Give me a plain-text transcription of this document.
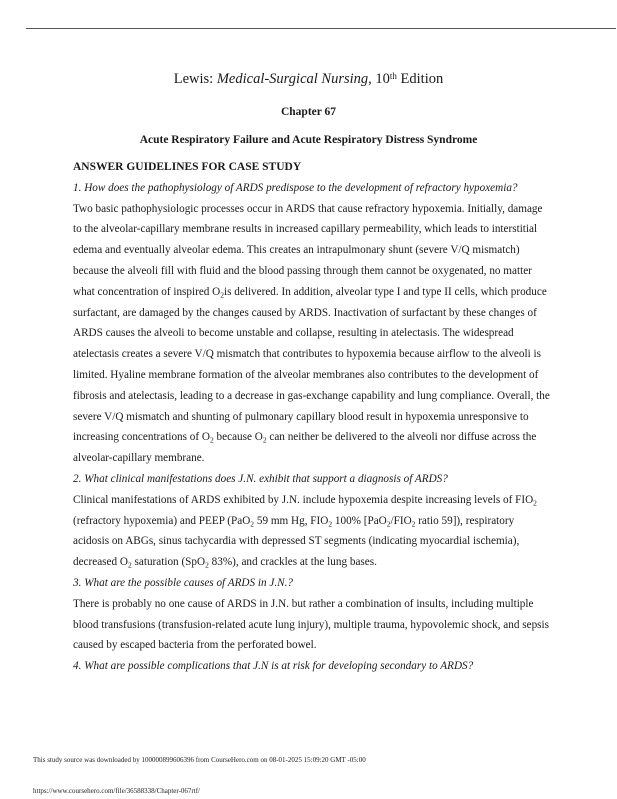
Lewis: Medical-Surgical Nursing, 10th Edition
Chapter 67
Acute Respiratory Failure and Acute Respiratory Distress Syndrome

ANSWER GUIDELINES FOR CASE STUDY

1. How does the pathophysiology of ARDS predispose to the development of refractory hypoxemia?

Two basic pathophysiologic processes occur in ARDS that cause refractory hypoxemia. Initially, damage to the alveolar-capillary membrane results in increased capillary permeability, which leads to interstitial edema and eventually alveolar edema. This creates an intrapulmonary shunt (severe V/Q mismatch) because the alveoli fill with fluid and the blood passing through them cannot be oxygenated, no matter what concentration of inspired $O_2is$ delivered. In addition, alveolar type I and type II cells, which produce surfactant, are damaged by the changes caused by ARDS. Inactivation of surfactant by these changes of ARDS causes the alveoli to become unstable and collapse, resulting in atelectasis. The widespread atelectasis creates a severe V/Q mismatch that contributes to hypoxemia because airflow to the alveoli is limited. Hyaline membrane formation of the alveolar membranes also contributes to the development of fibrosis and atelectasis, leading to a decrease in gas-exchange capability and lung compliance. Overall, the severe V/Q mismatch and shunting of pulmonary capillary blood result in hypoxemia unresponsive to increasing concentrations of $O_2$ because $O_2$ can neither be delivered to the alveoli nor diffuse across the alveolar-capillary membrane.

2. What clinical manifestations does J.N. exhibit that support a diagnosis of ARDS?

Clinical manifestations of ARDS exhibited by J.N. include hypoxemia despite increasing levels of $FIO_2$ (refractory hypoxemia) and PEEP (PaO$_2$ 59 mm Hg, $FIO_2$ 100% [$PaO_2/FIO_2$ ratio 59]), respiratory acidosis on ABGs, sinus tachycardia with depressed ST segments (indicating myocardial ischemia), decreased $O_2$ saturation (SpO$_2$ 83%), and crackles at the lung bases.

3. What are the possible causes of ARDS in J.N.?

There is probably no one cause of ARDS in J.N. but rather a combination of insults, including multiple blood transfusions (transfusion-related acute lung injury), multiple trauma, hypovolemic shock, and sepsis caused by escaped bacteria from the perforated bowel.

4. What are possible complications that J.N is at risk for developing secondary to ARDS?

This study source was downloaded by 100000899606396 from CourseHero.com on 08-01-2025 15:09:20 GMT -05:00
https://www.coursehero.com/file/36588338/Chapter-067rtf/
